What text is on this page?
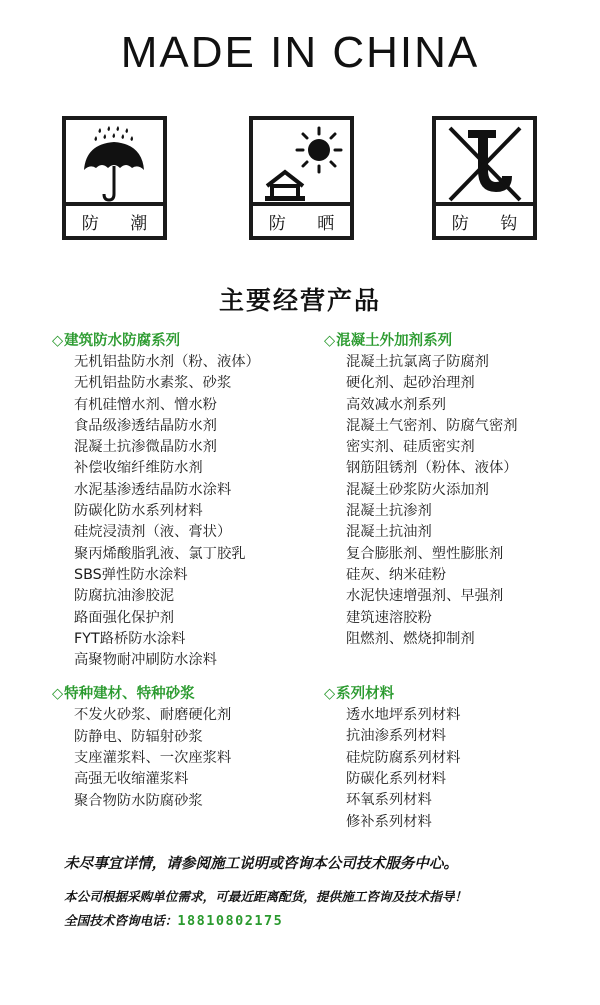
MADE IN CHINA
防 潮	防 晒	防 钩
主要经营产品
◇建筑防水防腐系列
无机铝盐防水剂（粉、液体）
无机铝盐防水素浆、砂浆
有机硅憎水剂、憎水粉
食品级渗透结晶防水剂
混凝土抗渗微晶防水剂
补偿收缩纤维防水剂
水泥基渗透结晶防水涂料
防碳化防水系列材料
硅烷浸渍剂（液、膏状）
聚丙烯酸脂乳液、氯丁胶乳
SBS弹性防水涂料
防腐抗油渗胶泥
路面强化保护剂
FYT路桥防水涂料
高聚物耐冲刷防水涂料
◇特种建材、特种砂浆
不发火砂浆、耐磨硬化剂
防静电、防辐射砂浆
支座灌浆料、一次座浆料
高强无收缩灌浆料
聚合物防水防腐砂浆
◇混凝土外加剂系列
混凝土抗氯离子防腐剂
硬化剂、起砂治理剂
高效减水剂系列
混凝土气密剂、防腐气密剂
密实剂、硅质密实剂
钢筋阻锈剂（粉体、液体）
混凝土砂浆防火添加剂
混凝土抗渗剂
混凝土抗油剂
复合膨胀剂、塑性膨胀剂
硅灰、纳米硅粉
水泥快速增强剂、早强剂
建筑速溶胶粉
阻燃剂、燃烧抑制剂
◇系列材料
透水地坪系列材料
抗油渗系列材料
硅烷防腐系列材料
防碳化系列材料
环氧系列材料
修补系列材料
未尽事宜详情，请参阅施工说明或咨询本公司技术服务中心。
本公司根据采购单位需求，可最近距离配货，提供施工咨询及技术指导！
全国技术咨询电话：18810802175
